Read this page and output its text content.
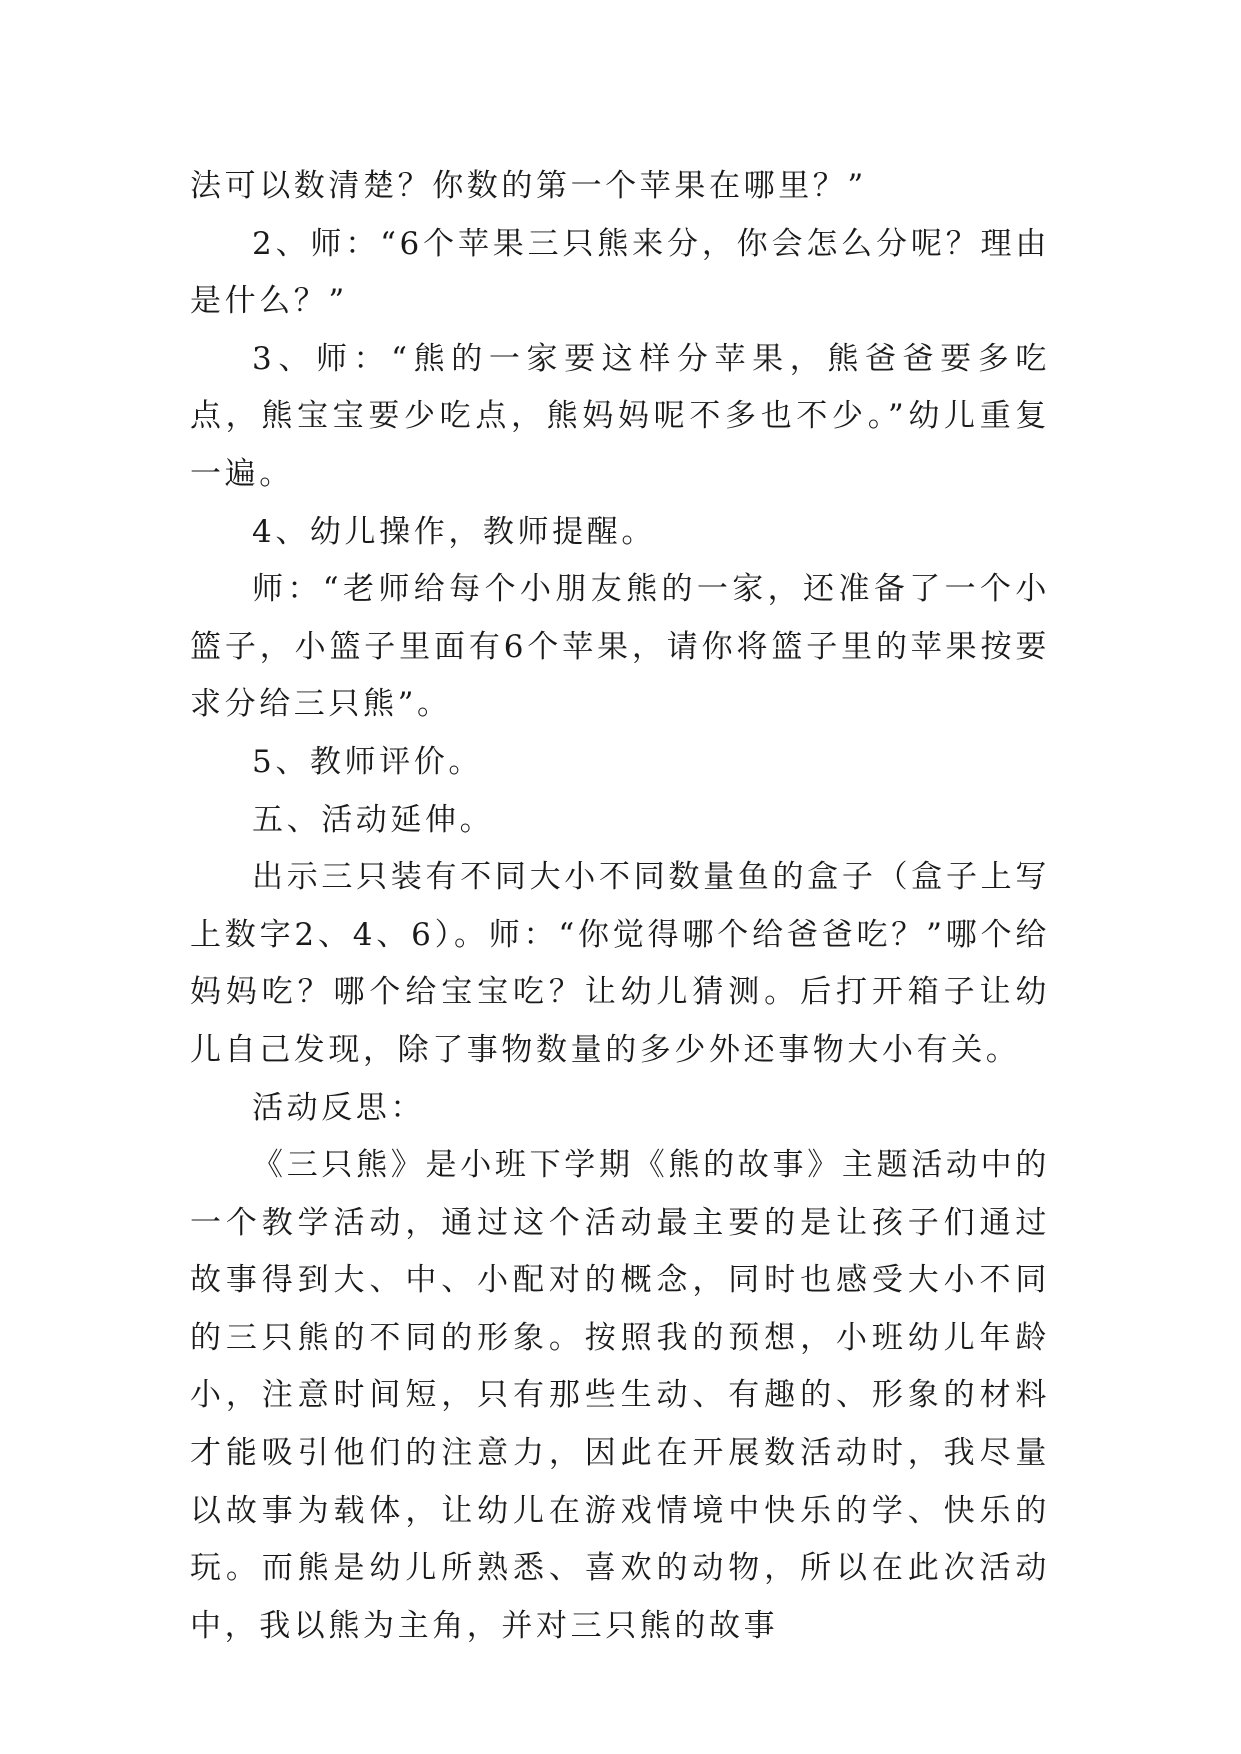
法可以数清楚？你数的第一个苹果在哪里？”

2、师：“6个苹果三只熊来分，你会怎么分呢？理由是什么？”

3、师：“熊的一家要这样分苹果，熊爸爸要多吃点，熊宝宝要少吃点，熊妈妈呢不多也不少。”幼儿重复一遍。

4、幼儿操作，教师提醒。

师：“老师给每个小朋友熊的一家，还准备了一个小篮子，小篮子里面有6个苹果，请你将篮子里的苹果按要求分给三只熊”。

5、教师评价。

五、活动延伸。

出示三只装有不同大小不同数量鱼的盒子（盒子上写上数字2、4、6）。师：“你觉得哪个给爸爸吃？”哪个给妈妈吃？哪个给宝宝吃？让幼儿猜测。后打开箱子让幼儿自己发现，除了事物数量的多少外还事物大小有关。

活动反思：

《三只熊》是小班下学期《熊的故事》主题活动中的一个教学活动，通过这个活动最主要的是让孩子们通过故事得到大、中、小配对的概念，同时也感受大小不同的三只熊的不同的形象。按照我的预想，小班幼儿年龄小，注意时间短，只有那些生动、有趣的、形象的材料才能吸引他们的注意力，因此在开展数活动时，我尽量以故事为载体，让幼儿在游戏情境中快乐的学、快乐的玩。而熊是幼儿所熟悉、喜欢的动物，所以在此次活动中，我以熊为主角，并对三只熊的故事
